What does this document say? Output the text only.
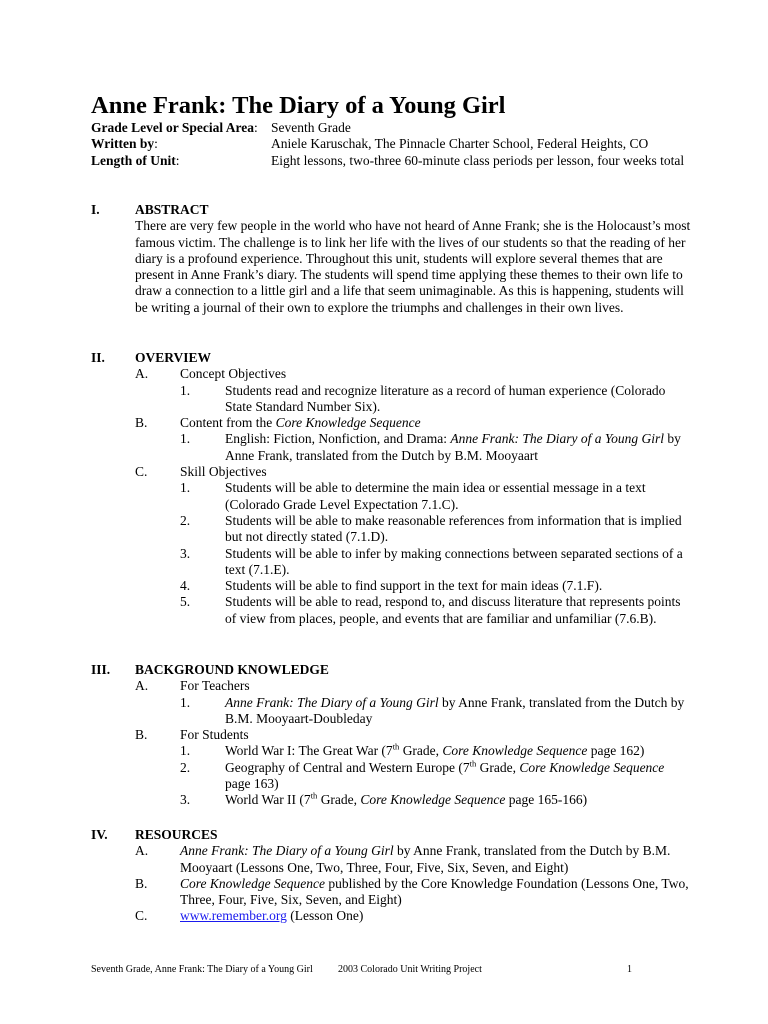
Anne Frank: The Diary of a Young Girl
Grade Level or Special Area: Seventh Grade
Written by:	Aniele Karuschak, The Pinnacle Charter School, Federal Heights, CO
Length of Unit:	Eight lessons, two-three 60-minute class periods per lesson, four weeks total
I.	ABSTRACT
There are very few people in the world who have not heard of Anne Frank; she is the Holocaust’s most famous victim. The challenge is to link her life with the lives of our students so that the reading of her diary is a profound experience. Throughout this unit, students will explore several themes that are present in Anne Frank’s diary. The students will spend time applying these themes to their own life to draw a connection to a little girl and a life that seem unimaginable. As this is happening, students will be writing a journal of their own to explore the triumphs and challenges in their own lives.
II.	OVERVIEW
A.	Concept Objectives
1.	Students read and recognize literature as a record of human experience (Colorado State Standard Number Six).
B.	Content from the Core Knowledge Sequence
1.	English: Fiction, Nonfiction, and Drama: Anne Frank: The Diary of a Young Girl by Anne Frank, translated from the Dutch by B.M. Mooyaart
C.	Skill Objectives
1.	Students will be able to determine the main idea or essential message in a text (Colorado Grade Level Expectation 7.1.C).
2.	Students will be able to make reasonable references from information that is implied but not directly stated (7.1.D).
3.	Students will be able to infer by making connections between separated sections of a text (7.1.E).
4.	Students will be able to find support in the text for main ideas (7.1.F).
5.	Students will be able to read, respond to, and discuss literature that represents points of view from places, people, and events that are familiar and unfamiliar (7.6.B).
III.	BACKGROUND KNOWLEDGE
A.	For Teachers
1.	Anne Frank: The Diary of a Young Girl by Anne Frank, translated from the Dutch by B.M. Mooyaart-Doubleday
B.	For Students
1.	World War I: The Great War (7th Grade, Core Knowledge Sequence page 162)
2.	Geography of Central and Western Europe (7th Grade, Core Knowledge Sequence page 163)
3.	World War II (7th Grade, Core Knowledge Sequence page 165-166)
IV.	RESOURCES
A.	Anne Frank: The Diary of a Young Girl by Anne Frank, translated from the Dutch by B.M. Mooyaart (Lessons One, Two, Three, Four, Five, Six, Seven, and Eight)
B.	Core Knowledge Sequence published by the Core Knowledge Foundation (Lessons One, Two, Three, Four, Five, Six, Seven, and Eight)
C.	www.remember.org (Lesson One)
Seventh Grade, Anne Frank: The Diary of a Young Girl	2003 Colorado Unit Writing Project	1
